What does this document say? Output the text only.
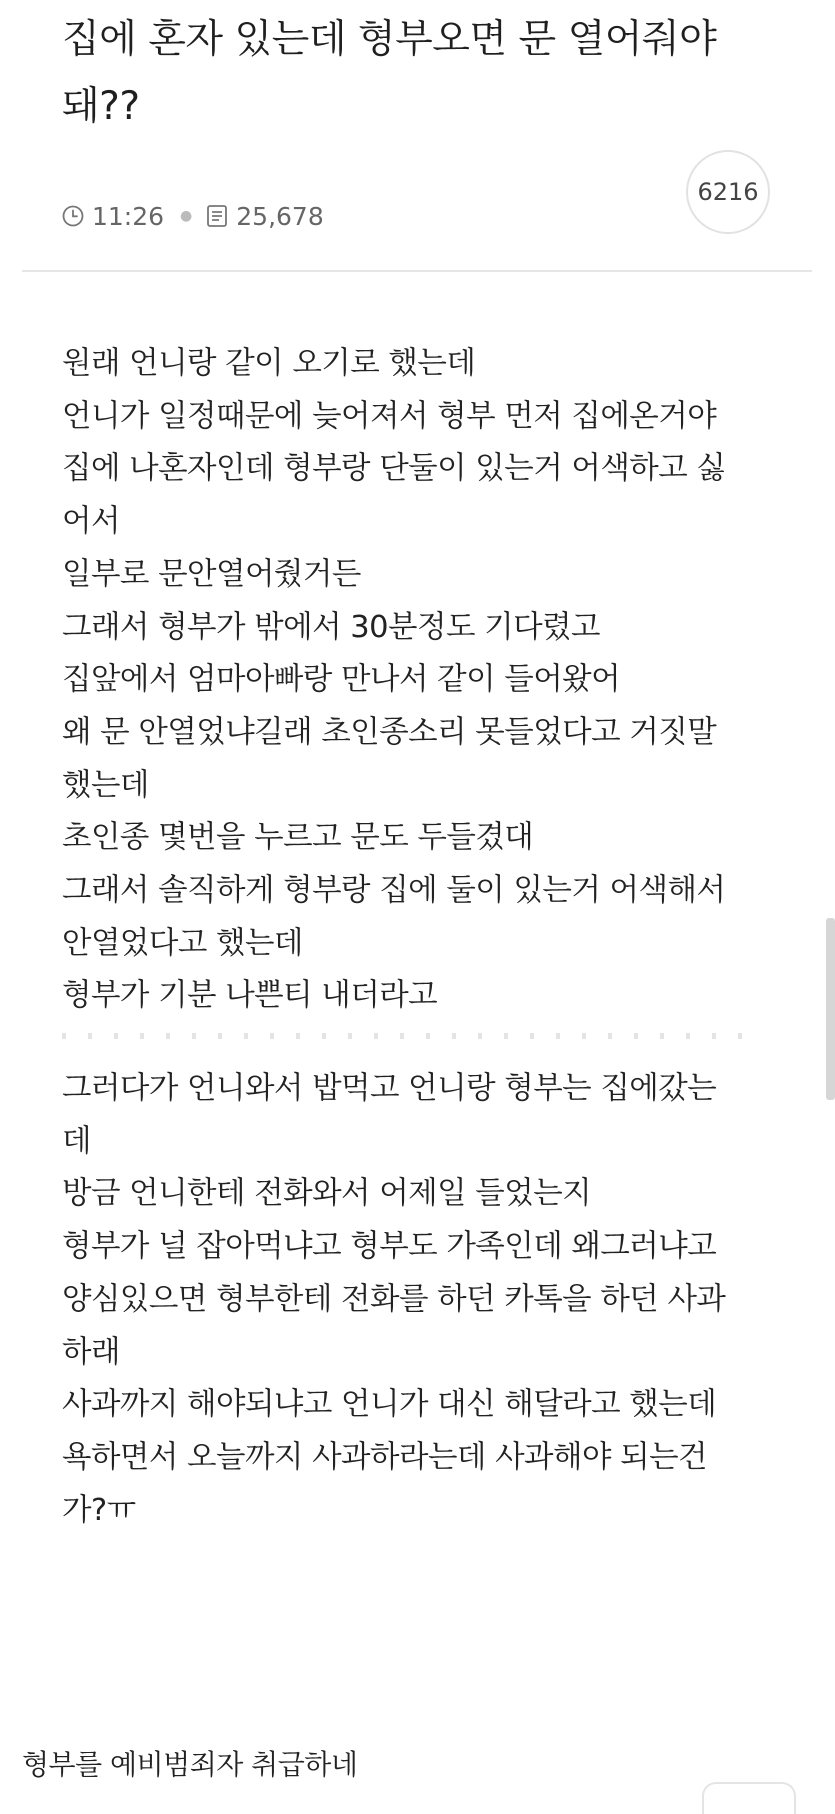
집에 혼자 있는데 형부오면 문 열어줘야
돼??
11:26 ● 25,678
6216
원래 언니랑 같이 오기로 했는데
언니가 일정때문에 늦어져서 형부 먼저 집에온거야
집에 나혼자인데 형부랑 단둘이 있는거 어색하고 싫
어서
일부로 문안열어줬거든
그래서 형부가 밖에서 30분정도 기다렸고
집앞에서 엄마아빠랑 만나서 같이 들어왔어
왜 문 안열었냐길래 초인종소리 못들었다고 거짓말
했는데
초인종 몇번을 누르고 문도 두들겼대
그래서 솔직하게 형부랑 집에 둘이 있는거 어색해서
안열었다고 했는데
형부가 기분 나쁜티 내더라고
그러다가 언니와서 밥먹고 언니랑 형부는 집에갔는
데
방금 언니한테 전화와서 어제일 들었는지
형부가 널 잡아먹냐고 형부도 가족인데 왜그러냐고
양심있으면 형부한테 전화를 하던 카톡을 하던 사과
하래
사과까지 해야되냐고 언니가 대신 해달라고 했는데
욕하면서 오늘까지 사과하라는데 사과해야 되는건
가?ㅠ
형부를 예비범죄자 취급하네
